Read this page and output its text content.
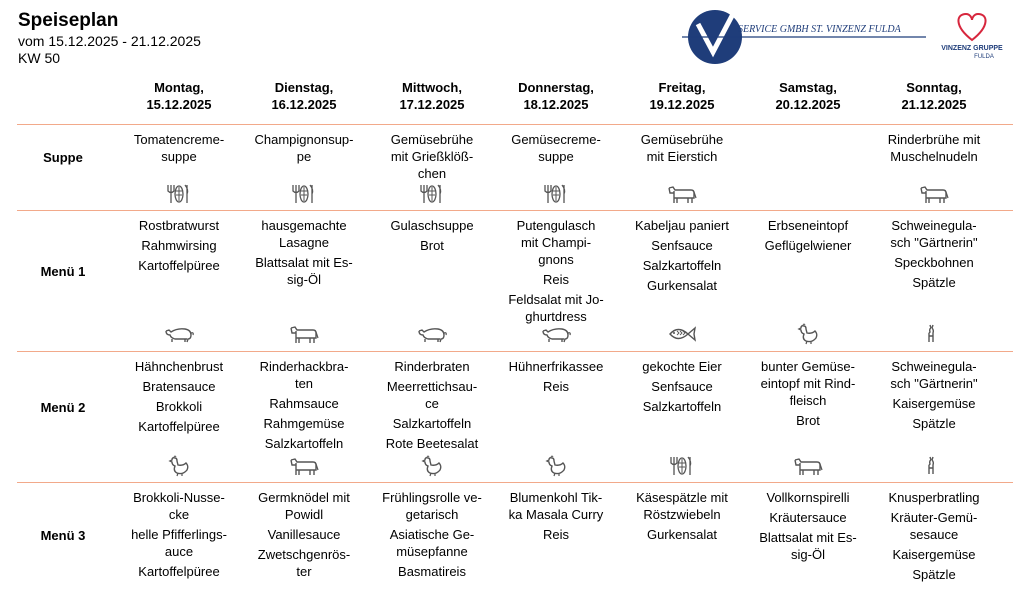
Speiseplan
vom 15.12.2025 - 21.12.2025
KW 50
SERVICE GMBH ST. VINZENZ FULDA
VINZENZ GRUPPE
FULDA
Montag,
15.12.2025
Dienstag,
16.12.2025
Mittwoch,
17.12.2025
Donnerstag,
18.12.2025
Freitag,
19.12.2025
Samstag,
20.12.2025
Sonntag,
21.12.2025
Suppe
Tomatencreme-
suppe
Champignonsup-
pe
Gemüsebrühe
mit Grießklöß-
chen
Gemüsecreme-
suppe
Gemüsebrühe
mit Eierstich
Rinderbrühe mit
Muschelnudeln
Menü 1
Rostbratwurst
Rahmwirsing
Kartoffelpüree
hausgemachte
Lasagne
Blattsalat mit Es-
sig-Öl
Gulaschsuppe
Brot
Putengulasch
mit Champi-
gnons
Reis
Feldsalat mit Jo-
ghurtdress
Kabeljau paniert
Senfsauce
Salzkartoffeln
Gurkensalat
Erbseneintopf
Geflügelwiener
Schweinegula-
sch "Gärtnerin"
Speckbohnen
Spätzle
Menü 2
Hähnchenbrust
Bratensauce
Brokkoli
Kartoffelpüree
Rinderhackbra-
ten
Rahmsauce
Rahmgemüse
Salzkartoffeln
Rinderbraten
Meerrettichsau-
ce
Salzkartoffeln
Rote Beetesalat
Hühnerfrikassee
Reis
gekochte Eier
Senfsauce
Salzkartoffeln
bunter Gemüse-
eintopf mit Rind-
fleisch
Brot
Schweinegula-
sch "Gärtnerin"
Kaisergemüse
Spätzle
Menü 3
Brokkoli-Nusse-
cke
helle Pfifferlings-
auce
Kartoffelpüree
Germknödel mit
Powidl
Vanillesauce
Zwetschgenrös-
ter
Frühlingsrolle ve-
getarisch
Asiatische Ge-
müsepfanne
Basmatireis
Blumenkohl Tik-
ka Masala Curry
Reis
Käsespätzle mit
Röstzwiebeln
Gurkensalat
Vollkornspirelli
Kräutersauce
Blattsalat mit Es-
sig-Öl
Knusperbratling
Kräuter-Gemü-
sesauce
Kaisergemüse
Spätzle
